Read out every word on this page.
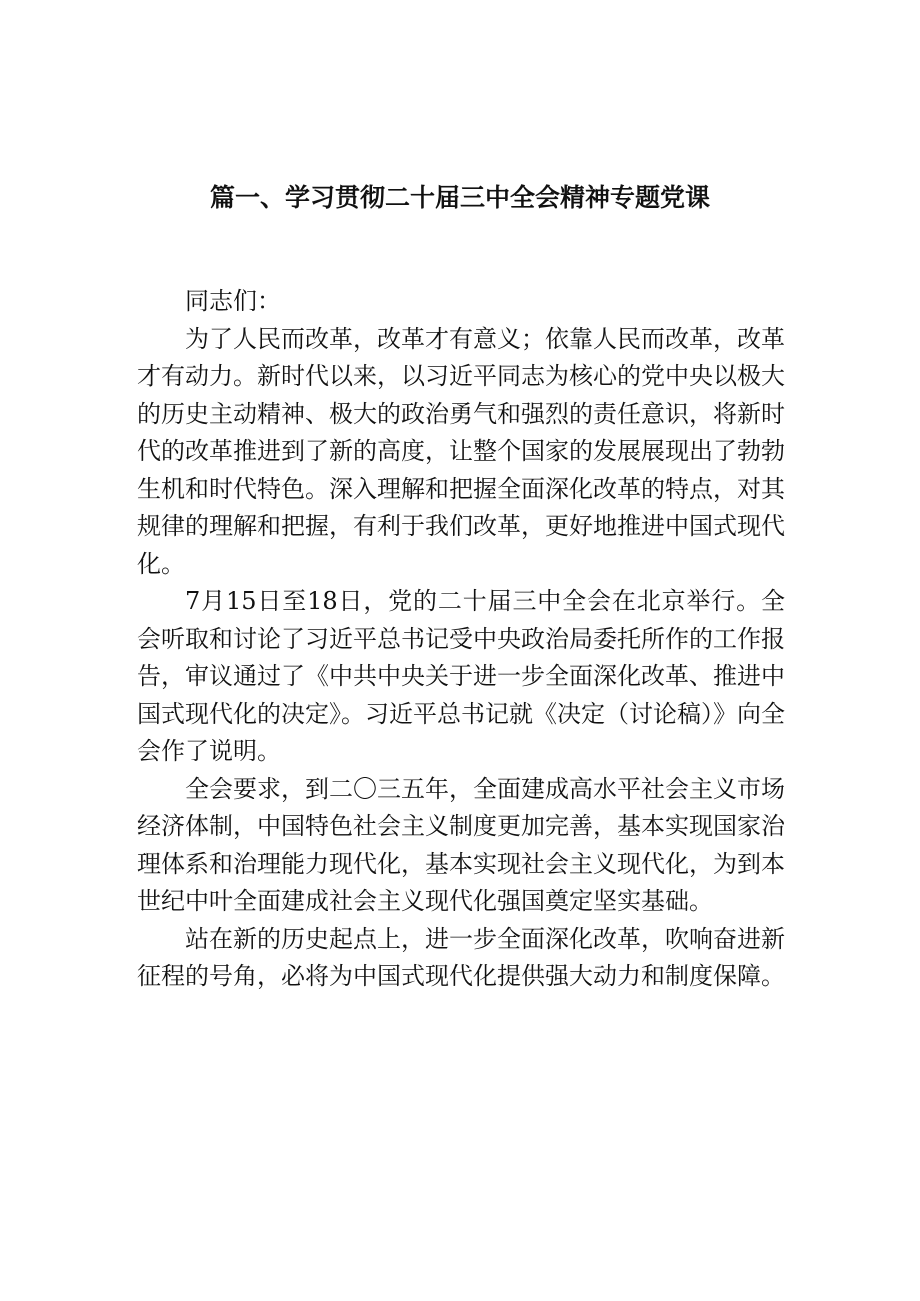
篇一、学习贯彻二十届三中全会精神专题党课

同志们：

为了人民而改革，改革才有意义；依靠人民而改革，改革才有动力。新时代以来，以习近平同志为核心的党中央以极大的历史主动精神、极大的政治勇气和强烈的责任意识，将新时代的改革推进到了新的高度，让整个国家的发展展现出了勃勃生机和时代特色。深入理解和把握全面深化改革的特点，对其规律的理解和把握，有利于我们改革，更好地推进中国式现代化。

7月15日至18日，党的二十届三中全会在北京举行。全会听取和讨论了习近平总书记受中央政治局委托所作的工作报告，审议通过了《中共中央关于进一步全面深化改革、推进中国式现代化的决定》。习近平总书记就《决定（讨论稿）》向全会作了说明。

全会要求，到二〇三五年，全面建成高水平社会主义市场经济体制，中国特色社会主义制度更加完善，基本实现国家治理体系和治理能力现代化，基本实现社会主义现代化，为到本世纪中叶全面建成社会主义现代化强国奠定坚实基础。

站在新的历史起点上，进一步全面深化改革，吹响奋进新征程的号角，必将为中国式现代化提供强大动力和制度保障。
